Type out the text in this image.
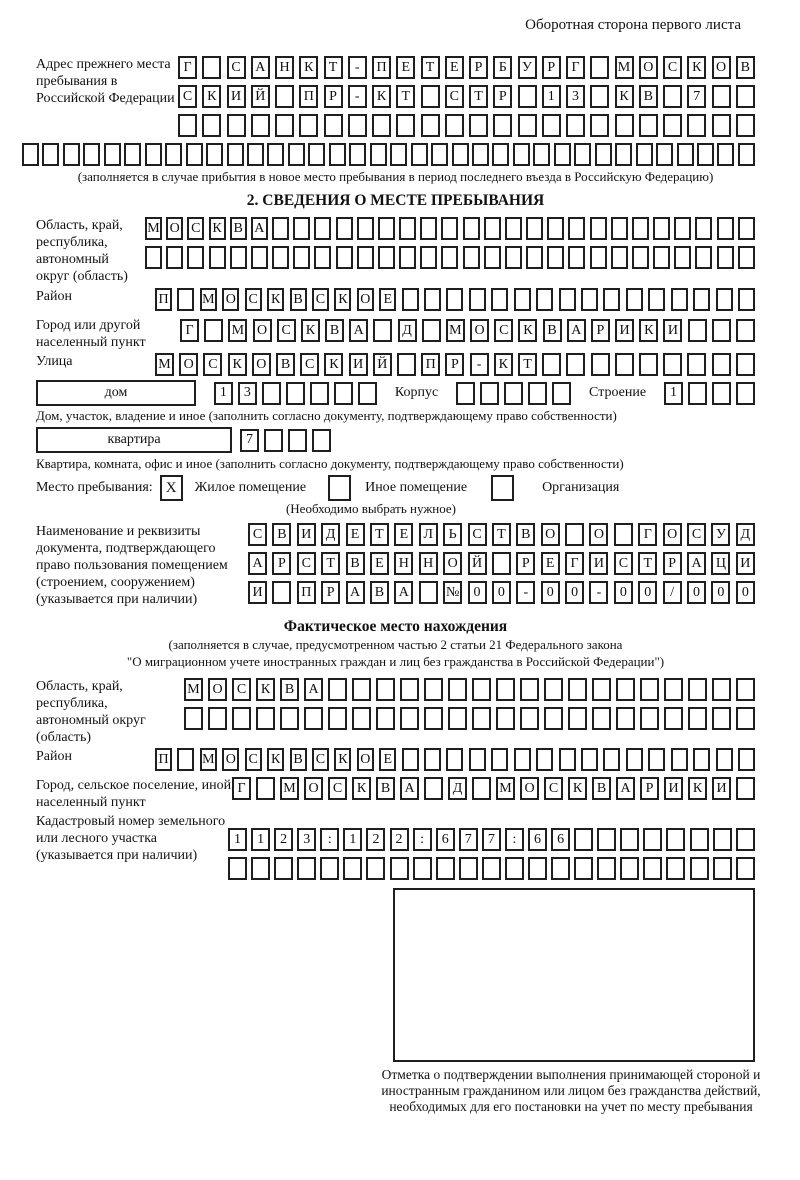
Оборотная сторона первого листа
Адрес прежнего места пребывания в Российской Федерации
Г	С	А	Н	К	Т	-	П	Е	Т	Е	Р	Б	У	Р	Г	М О	С	К	О	В
С	К	И	Й	П	Р	-	К	Т	С	Т	Р	1	3	К	В	7
(заполняется в случае прибытия в новое место пребывания в период последнего въезда в Российскую Федерацию)
2. СВЕДЕНИЯ О МЕСТЕ ПРЕБЫВАНИЯ
Область, край, республика, автономный округ (область)
М О С К В А
Район	П М О С К В С К О Е
Город или другой населенный пункт
Г	М О	С	К	В	А	Д	М О	С	К	В	А	Р	И	К	И
Улица	М О	С	К	О	В	С	К	И	Й	П	Р	-	К	Т
дом	1	3	Корпус	Строение	1
Дом, участок, владение и иное (заполнить согласно документу, подтверждающему право собственности)
квартира	7
Квартира, комната, офис и иное (заполнить согласно документу, подтверждающему право собственности)
Место пребывания: X	Жилое помещение	Иное помещение	Организация
(Необходимо выбрать нужное)
Наименование и реквизиты документа, подтверждающего право пользования помещением (строением, сооружением) (указывается при наличии)
С	В	И	Д	Е	Т	Е	Л	Ь	С	Т	В	О	О	Г	О	С	У	Д
А	Р	С	Т	В	Е	Н	Н	О	Й	Р	Е	Г	И	С	Т	Р	А	Ц	И
И	П	Р	А	В	А	№	0	0	-	0	0	-	0	0	/	0	0	0
Фактическое место нахождения
(заполняется в случае, предусмотренном частью 2 статьи 21 Федерального закона
"О миграционном учете иностранных граждан и лиц без гражданства в Российской Федерации")
Область, край, республика, автономный округ (область)
М О	С	К	В	А
Район	П М О С К В С К О Е
Город, сельское поселение, иной населенный пункт
Г	М О	С	К	В	А	Д	М О	С	К	В	А	Р	И	К	И
Кадастровый номер земельного или лесного участка (указывается при наличии)
1	1	2	3	:	1	2	2	:	6	7	7	:	6	6
Отметка о подтверждении выполнения принимающей стороной и иностранным гражданином или лицом без гражданства действий, необходимых для его постановки на учет по месту пребывания
